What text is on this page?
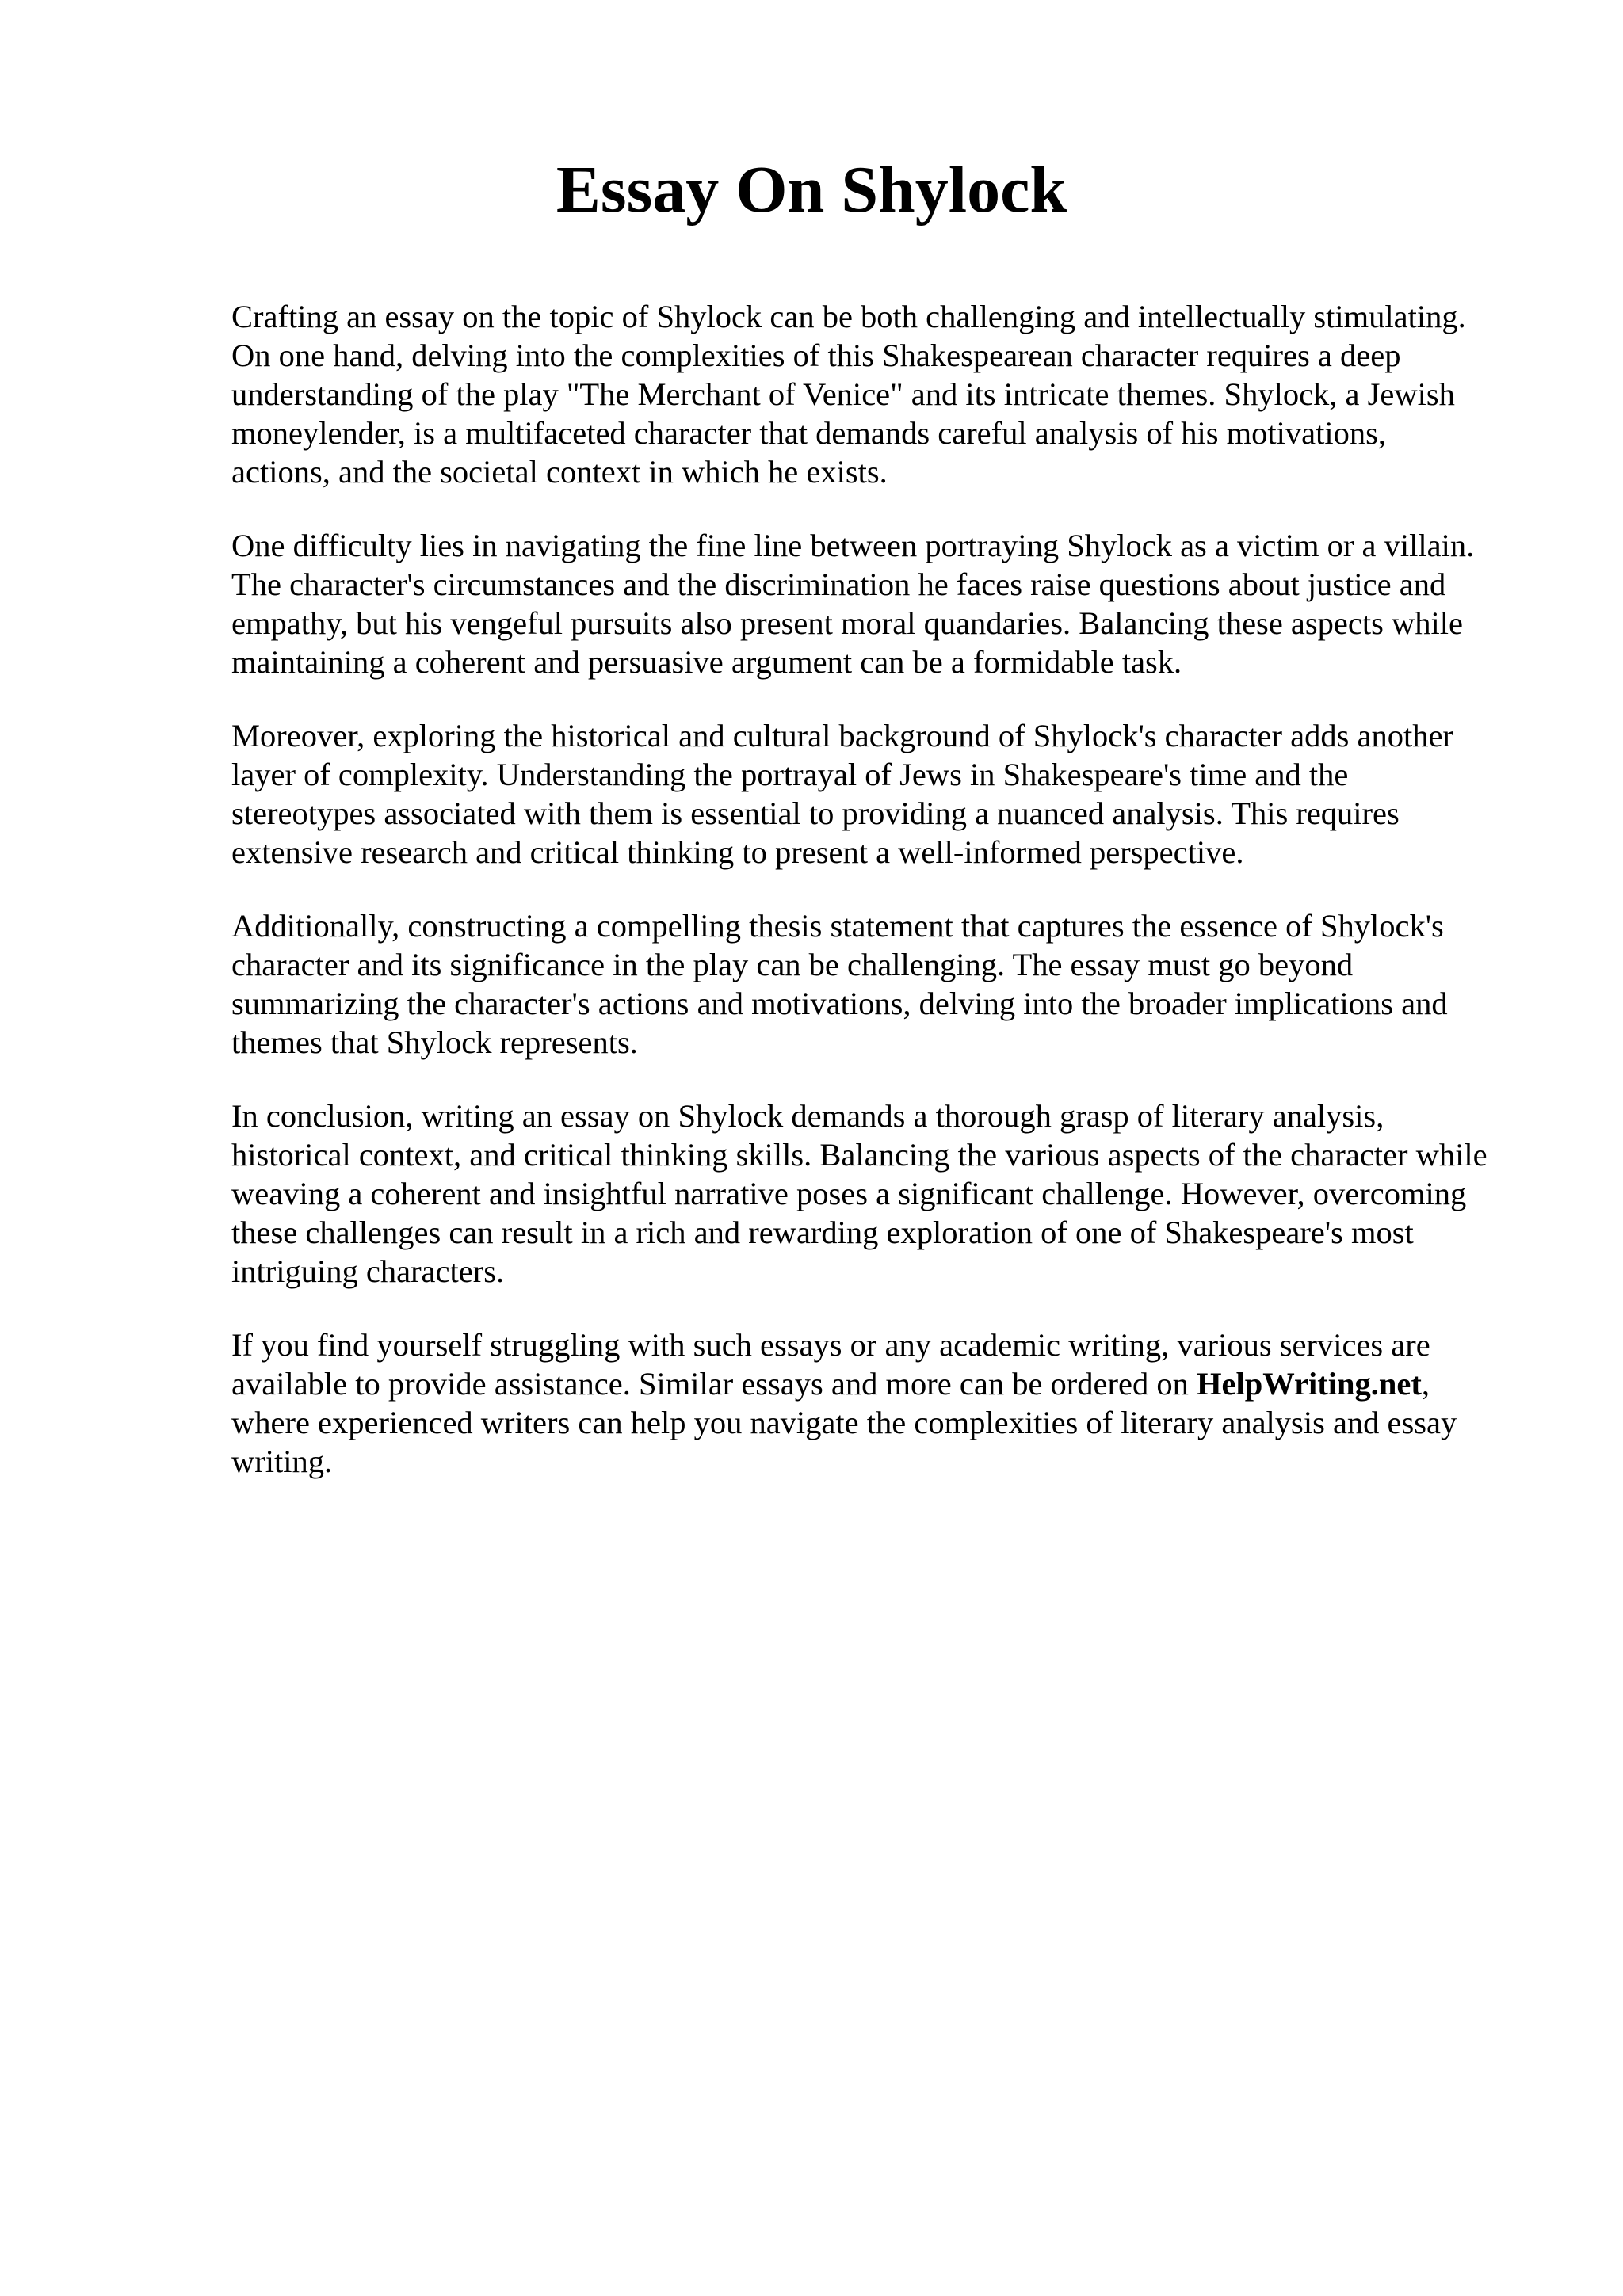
Essay On Shylock

Crafting an essay on the topic of Shylock can be both challenging and intellectually stimulating.
On one hand, delving into the complexities of this Shakespearean character requires a deep
understanding of the play "The Merchant of Venice" and its intricate themes. Shylock, a Jewish
moneylender, is a multifaceted character that demands careful analysis of his motivations,
actions, and the societal context in which he exists.

One difficulty lies in navigating the fine line between portraying Shylock as a victim or a villain.
The character's circumstances and the discrimination he faces raise questions about justice and
empathy, but his vengeful pursuits also present moral quandaries. Balancing these aspects while
maintaining a coherent and persuasive argument can be a formidable task.

Moreover, exploring the historical and cultural background of Shylock's character adds another
layer of complexity. Understanding the portrayal of Jews in Shakespeare's time and the
stereotypes associated with them is essential to providing a nuanced analysis. This requires
extensive research and critical thinking to present a well-informed perspective.

Additionally, constructing a compelling thesis statement that captures the essence of Shylock's
character and its significance in the play can be challenging. The essay must go beyond
summarizing the character's actions and motivations, delving into the broader implications and
themes that Shylock represents.

In conclusion, writing an essay on Shylock demands a thorough grasp of literary analysis,
historical context, and critical thinking skills. Balancing the various aspects of the character while
weaving a coherent and insightful narrative poses a significant challenge. However, overcoming
these challenges can result in a rich and rewarding exploration of one of Shakespeare's most
intriguing characters.

If you find yourself struggling with such essays or any academic writing, various services are
available to provide assistance. Similar essays and more can be ordered on HelpWriting.net,
where experienced writers can help you navigate the complexities of literary analysis and essay
writing.
